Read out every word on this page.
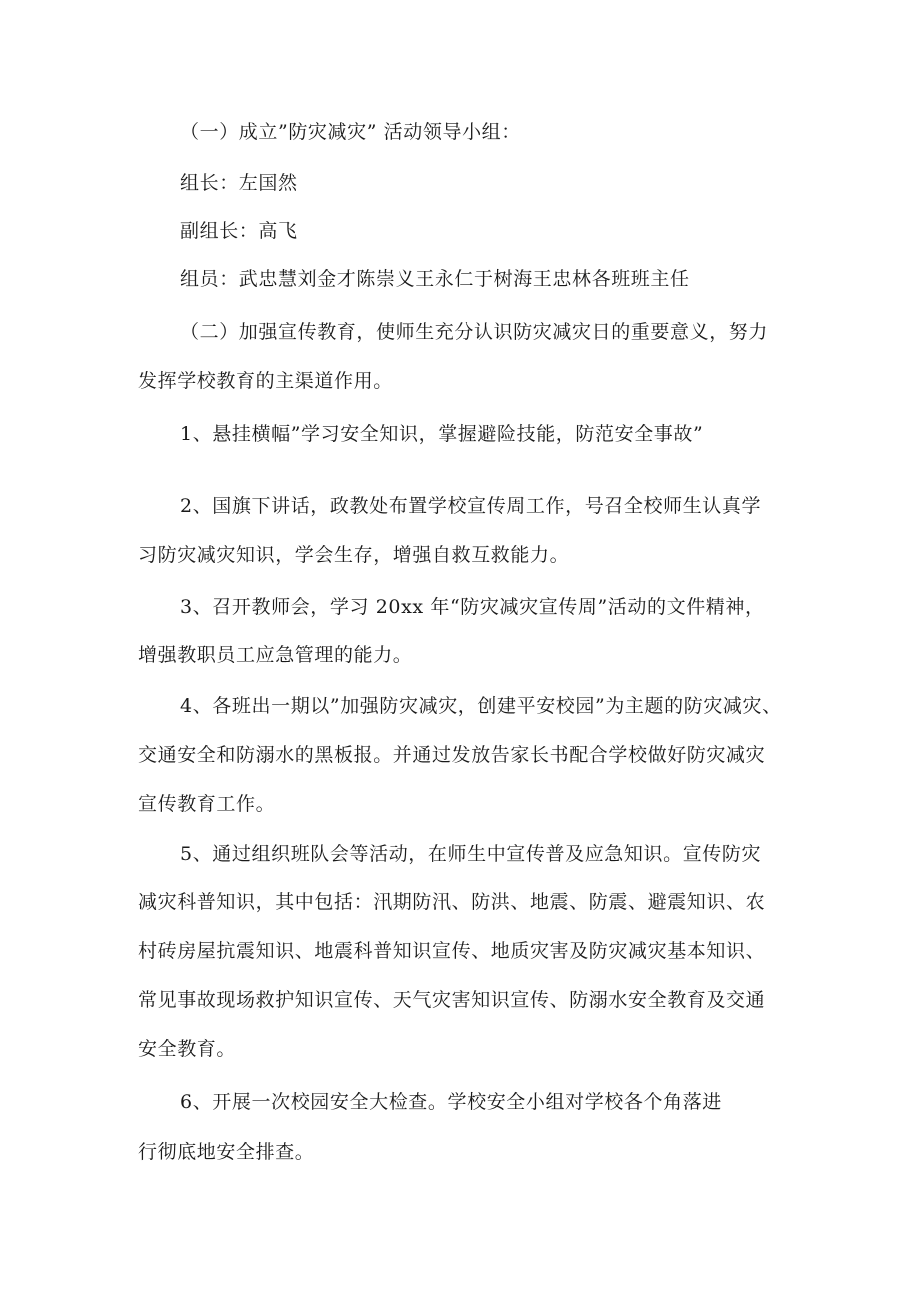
（一）成立”防灾减灾” 活动领导小组：
组长：左国然
副组长：高飞
组员：武忠慧刘金才陈崇义王永仁于树海王忠林各班班主任
（二）加强宣传教育，使师生充分认识防灾减灾日的重要意义，努力
发挥学校教育的主渠道作用。
1、悬挂横幅”学习安全知识，掌握避险技能，防范安全事故”
2、国旗下讲话，政教处布置学校宣传周工作，号召全校师生认真学
习防灾减灾知识，学会生存，增强自救互救能力。
3、召开教师会，学习 20xx 年“防灾减灾宣传周”活动的文件精神，
增强教职员工应急管理的能力。
4、各班出一期以”加强防灾减灾，创建平安校园”为主题的防灾减灾、
交通安全和防溺水的黑板报。并通过发放告家长书配合学校做好防灾减灾
宣传教育工作。
5、通过组织班队会等活动，在师生中宣传普及应急知识。宣传防灾
减灾科普知识，其中包括：汛期防汛、防洪、地震、防震、避震知识、农
村砖房屋抗震知识、地震科普知识宣传、地质灾害及防灾减灾基本知识、
常见事故现场救护知识宣传、天气灾害知识宣传、防溺水安全教育及交通
安全教育。
6、开展一次校园安全大检查。学校安全小组对学校各个角落进
行彻底地安全排查。
